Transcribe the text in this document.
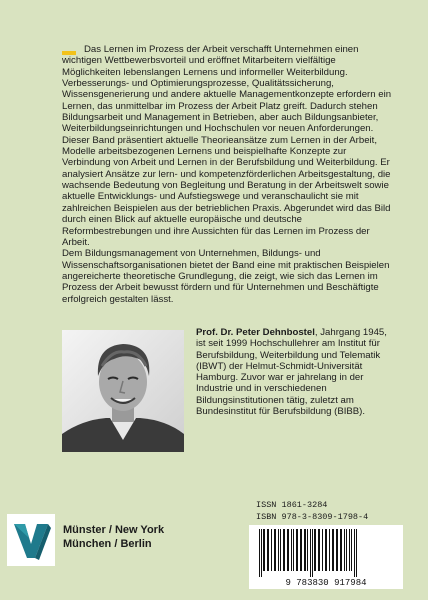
Das Lernen im Prozess der Arbeit verschafft Unternehmen einen wichtigen Wettbewerbsvorteil und eröffnet Mitarbeitern vielfältige Möglichkeiten lebenslangen Lernens und informeller Weiterbildung. Verbesserungs- und Optimierungsprozesse, Qualitätssicherung, Wissensgenerierung und andere aktuelle Managementkonzepte erfordern ein Lernen, das unmittelbar im Prozess der Arbeit Platz greift. Dadurch stehen Bildungsarbeit und Management in Betrieben, aber auch Bildungsanbieter, Weiterbildungseinrichtungen und Hochschulen vor neuen Anforderungen.

Dieser Band präsentiert aktuelle Theorieansätze zum Lernen in der Arbeit, Modelle arbeitsbezogenen Lernens und beispielhafte Konzepte zur Verbindung von Arbeit und Lernen in der Berufsbildung und Weiterbildung. Er analysiert Ansätze zur lern- und kompetenzförderlichen Arbeitsgestaltung, die wachsende Bedeutung von Begleitung und Beratung in der Arbeitswelt sowie aktuelle Entwicklungs- und Aufstiegswege und veranschaulicht sie mit zahlreichen Beispielen aus der betrieblichen Praxis. Abgerundet wird das Bild durch einen Blick auf aktuelle europäische und deutsche Reformbestrebungen und ihre Aussichten für das Lernen im Prozess der Arbeit.

Dem Bildungsmanagement von Unternehmen, Bildungs- und Wissenschaftsorganisationen bietet der Band eine mit praktischen Beispielen angereicherte theoretische Grundlegung, die zeigt, wie sich das Lernen im Prozess der Arbeit bewusst fördern und für Unternehmen und Beschäftigte erfolgreich gestalten lässt.

Prof. Dr. Peter Dehnbostel, Jahrgang 1945, ist seit 1999 Hochschullehrer am Institut für Berufsbildung, Weiterbildung und Telematik (IBWT) der Helmut-Schmidt-Universität Hamburg. Zuvor war er jahrelang in der Industrie und in verschiedenen Bildungsinstitutionen tätig, zuletzt am Bundesinstitut für Berufsbildung (BIBB).

ISSN 1861-3284
ISBN 978-3-8309-1798-4
9 783830 917984
Münster / New York
München / Berlin
